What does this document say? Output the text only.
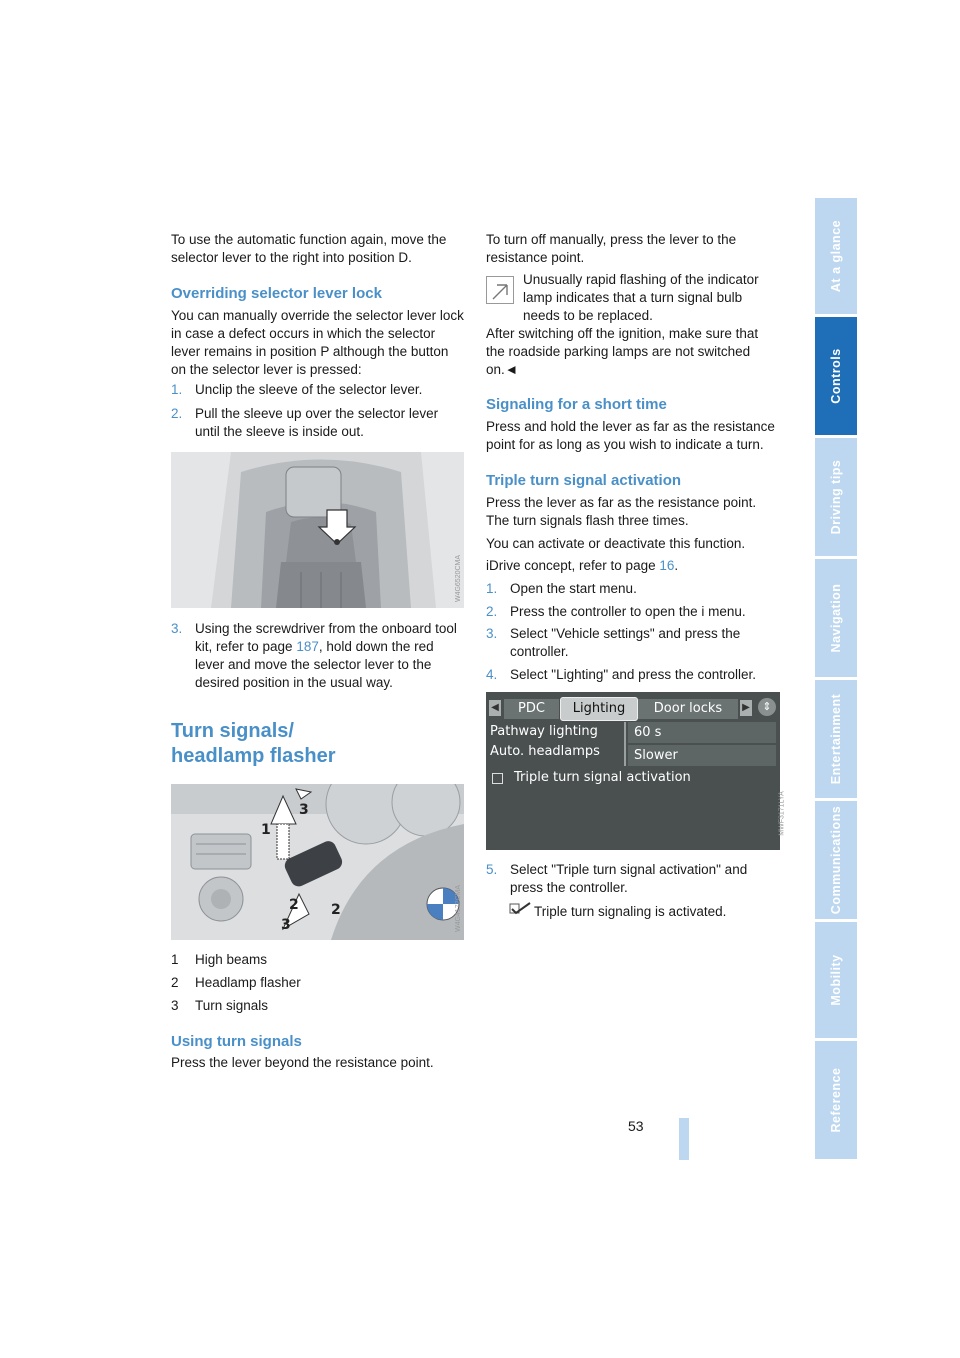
At a glance
Controls
Driving tips
Navigation
Entertainment
Communications
Mobility
Reference
53
To use the automatic function again, move the selector lever to the right into position D.
Overriding selector lever lock
You can manually override the selector lever lock in case a defect occurs in which the selector lever remains in position P although the button on the selector lever is pressed:
1. Unclip the sleeve of the selector lever.
2. Pull the sleeve up over the selector lever until the sleeve is inside out.
W4G6520CMA
3. Using the screwdriver from the onboard tool kit, refer to page 187, hold down the red lever and move the selector lever to the desired position in the usual way.
Turn signals/
headlamp flasher
1
2
3
2
3	W4G4172CMA
1 High beams
2 Headlamp flasher
3 Turn signals
Using turn signals
Press the lever beyond the resistance point.
To turn off manually, press the lever to the resistance point.
Unusually rapid flashing of the indicator lamp indicates that a turn signal bulb needs to be replaced.
After switching off the ignition, make sure that the roadside parking lamps are not switched on.◄
Signaling for a short time
Press and hold the lever as far as the resistance point for as long as you wish to indicate a turn.
Triple turn signal activation
Press the lever as far as the resistance point. The turn signals flash three times.
You can activate or deactivate this function.
iDrive concept, refer to page 16.
1. Open the start menu.
2. Press the controller to open the i menu.
3. Select "Vehicle settings" and press the controller.
4. Select "Lighting" and press the controller.
◀	PDC	Lighting	Door locks	▶	⇕
Pathway lighting
Auto. headlamps
60 s
Slower
Triple turn signal activation
MWF3171LYA
5. Select "Triple turn signal activation" and press the controller.
Triple turn signaling is activated.
